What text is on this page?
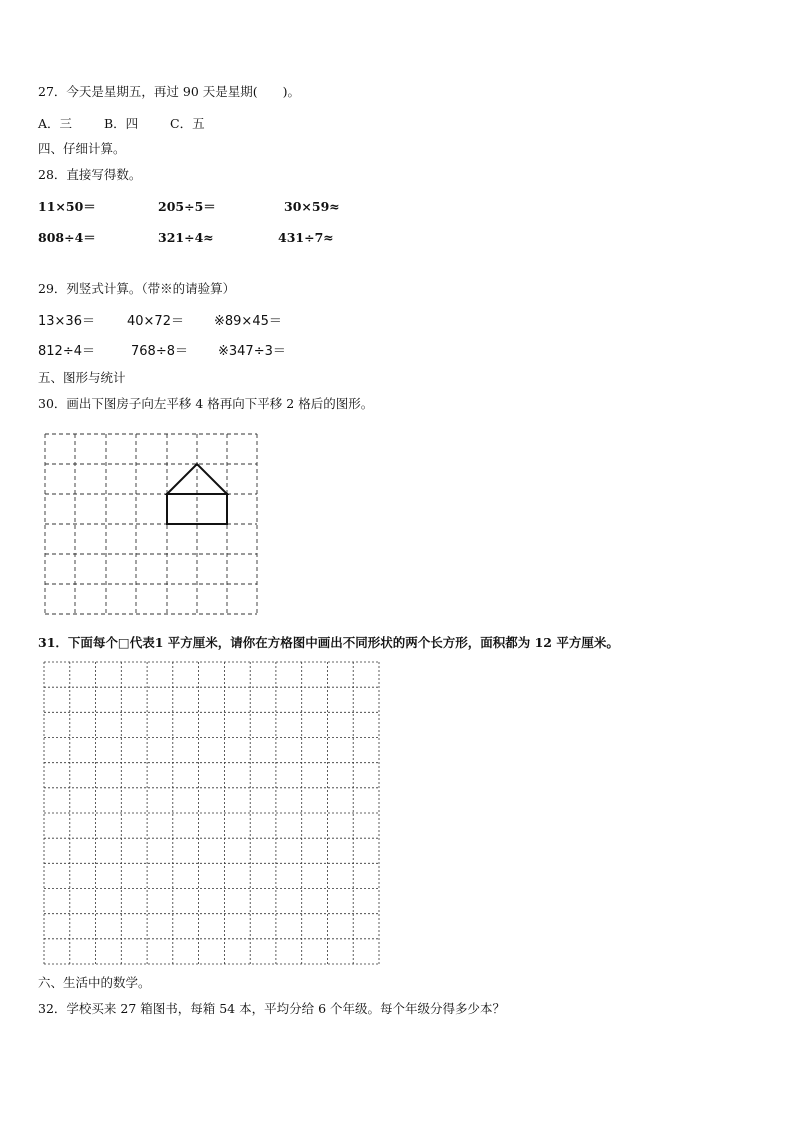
27．今天是星期五，再过 90 天是星期(　　)。
A．三	B．四	C．五
四、仔细计算。
28．直接写得数。
11×50＝	205÷5＝	30×59≈
808÷4＝	321÷4≈	431÷7≈
29．列竖式计算。（带※的请验算）
13×36＝ 40×72＝ ※89×45＝
812÷4＝	768÷8＝ ※347÷3＝
五、图形与统计
30．画出下图房子向左平移 4 格再向下平移 2 格后的图形。
31．下面每个□代表1 平方厘米，请你在方格图中画出不同形状的两个长方形，面积都为 12 平方厘米。
六、生活中的数学。
32．学校买来 27 箱图书，每箱 54 本，平均分给 6 个年级。每个年级分得多少本？
